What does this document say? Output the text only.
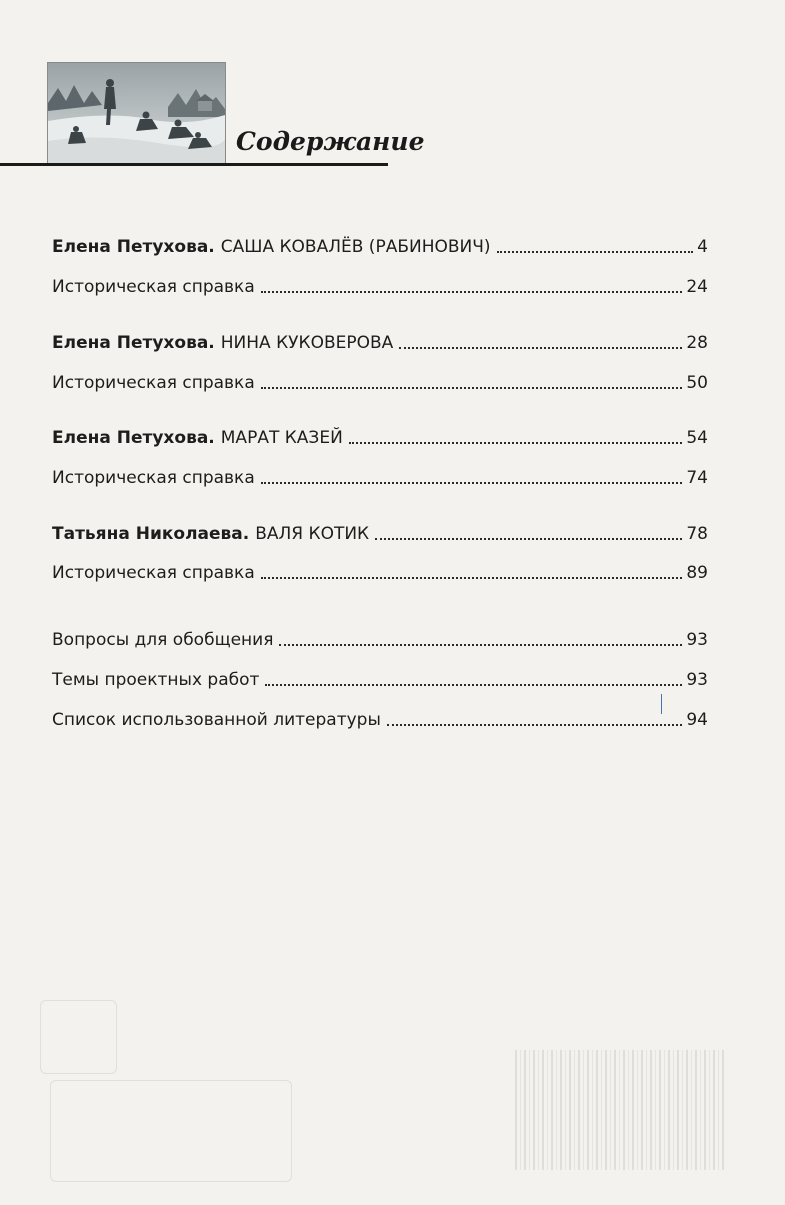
Содержание
Елена Петухова. САША КОВАЛЁВ (РАБИНОВИЧ)	4
Историческая справка	24
Елена Петухова. НИНА КУКОВЕРОВА	28
Историческая справка	50
Елена Петухова. МАРАТ КАЗЕЙ	54
Историческая справка	74
Татьяна Николаева. ВАЛЯ КОТИК	78
Историческая справка	89
Вопросы для обобщения	93
Темы проектных работ	93
Список использованной литературы	94
